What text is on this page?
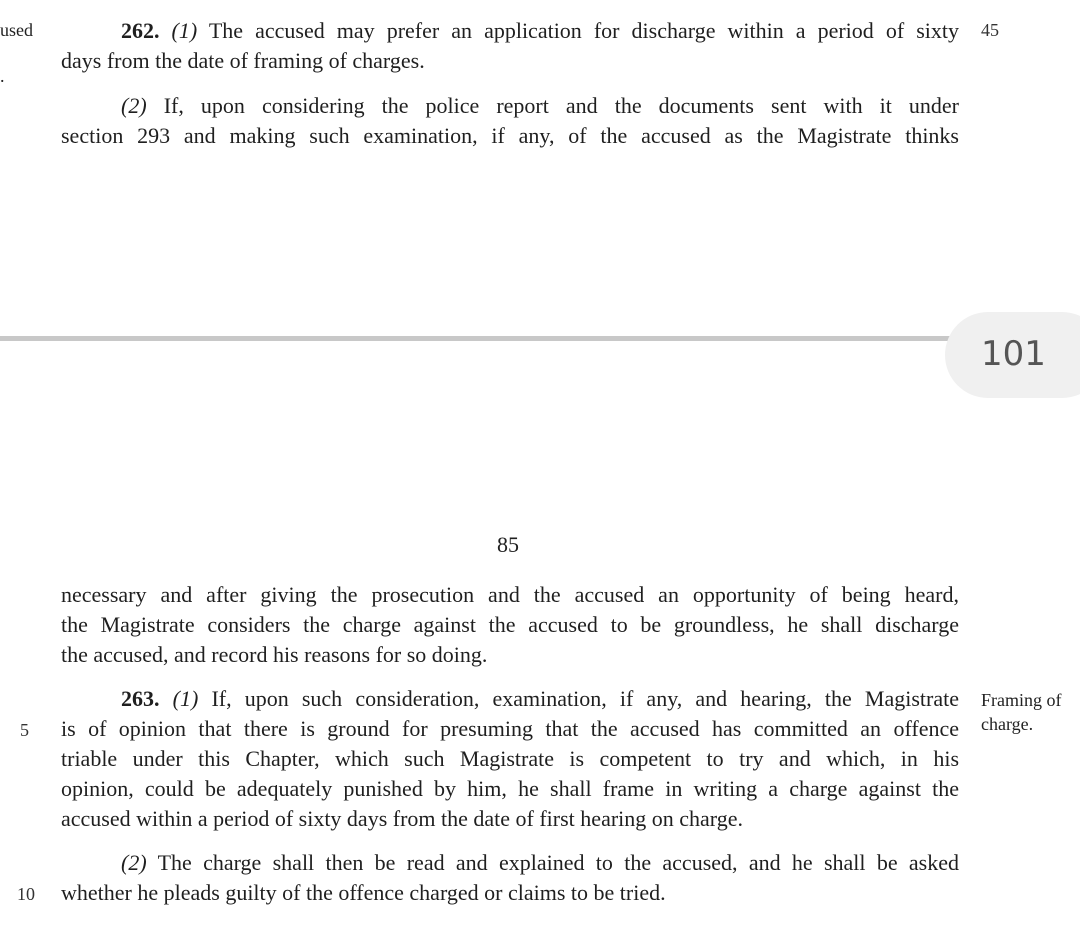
used
.
45
262. (1) The accused may prefer an application for discharge within a period of sixty
days from the date of framing of charges.
(2) If, upon considering the police report and the documents sent with it under
section 293 and making such examination, if any, of the accused as the Magistrate thinks
101
85
necessary and after giving the prosecution and the accused an opportunity of being heard,
the Magistrate considers the charge against the accused to be groundless, he shall discharge
the accused, and record his reasons for so doing.
263. (1) If, upon such consideration, examination, if any, and hearing, the Magistrate
is of opinion that there is ground for presuming that the accused has committed an offence
triable under this Chapter, which such Magistrate is competent to try and which, in his
opinion, could be adequately punished by him, he shall frame in writing a charge against the
accused within a period of sixty days from the date of first hearing on charge.
(2) The charge shall then be read and explained to the accused, and he shall be asked
whether he pleads guilty of the offence charged or claims to be tried.
Framing of
charge.
5
10
